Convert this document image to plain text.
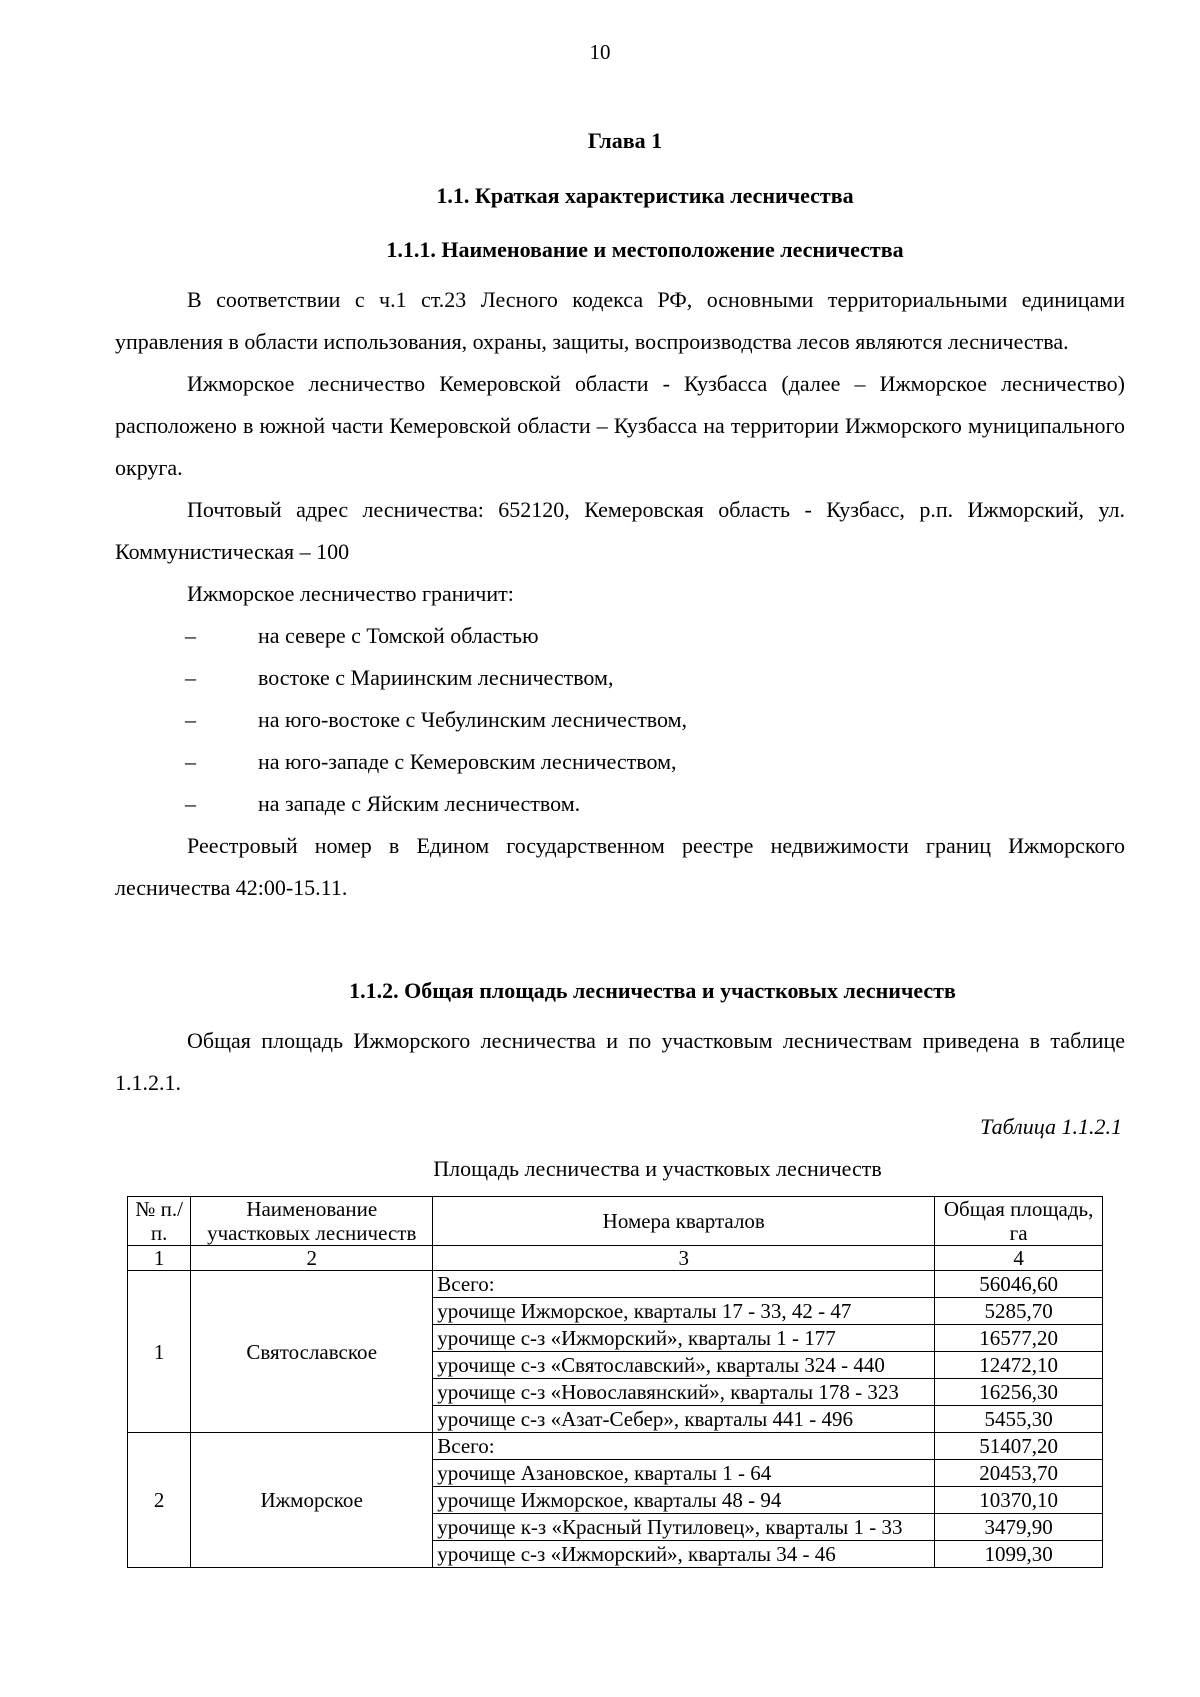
10
Глава 1
1.1. Краткая характеристика лесничества
1.1.1. Наименование и местоположение лесничества

В соответствии с ч.1 ст.23 Лесного кодекса РФ, основными территориальными единицами управления в области использования, охраны, защиты, воспроизводства лесов являются лесничества.

Ижморское лесничество Кемеровской области - Кузбасса (далее – Ижморское лесничество) расположено в южной части Кемеровской области – Кузбасса на территории Ижморского муниципального округа.

Почтовый адрес лесничества: 652120, Кемеровская область - Кузбасс, р.п. Ижморский, ул. Коммунистическая – 100

Ижморское лесничество граничит:

–	на севере с Томской областью
–	востоке с Мариинским лесничеством,
–	на юго-востоке с Чебулинским лесничеством,
–	на юго-западе с Кемеровским лесничеством,
–	на западе с Яйским лесничеством.

Реестровый номер в Едином государственном реестре недвижимости границ Ижморского лесничества 42:00-15.11.

1.1.2. Общая площадь лесничества и участковых лесничеств

Общая площадь Ижморского лесничества и по участковым лесничествам приведена в таблице 1.1.2.1.

Таблица 1.1.2.1
Площадь лесничества и участковых лесничеств
№ п./п.	Наименование участковых лесничеств	Номера кварталов	Общая площадь, га
1	2	3	4
1	Святославское	Всего:	56046,60
		урочище Ижморское, кварталы 17 - 33, 42 - 47	5285,70
		урочище с-з «Ижморский», кварталы 1 - 177	16577,20
		урочище с-з «Святославский», кварталы 324 - 440	12472,10
		урочище с-з «Новославянский», кварталы 178 - 323	16256,30
		урочище с-з «Азат-Себер», кварталы 441 - 496	5455,30
2	Ижморское	Всего:	51407,20
		урочище Азановское, кварталы 1 - 64	20453,70
		урочище Ижморское, кварталы 48 - 94	10370,10
		урочище к-з «Красный Путиловец», кварталы 1 - 33	3479,90
		урочище с-з «Ижморский», кварталы 34 - 46	1099,30
